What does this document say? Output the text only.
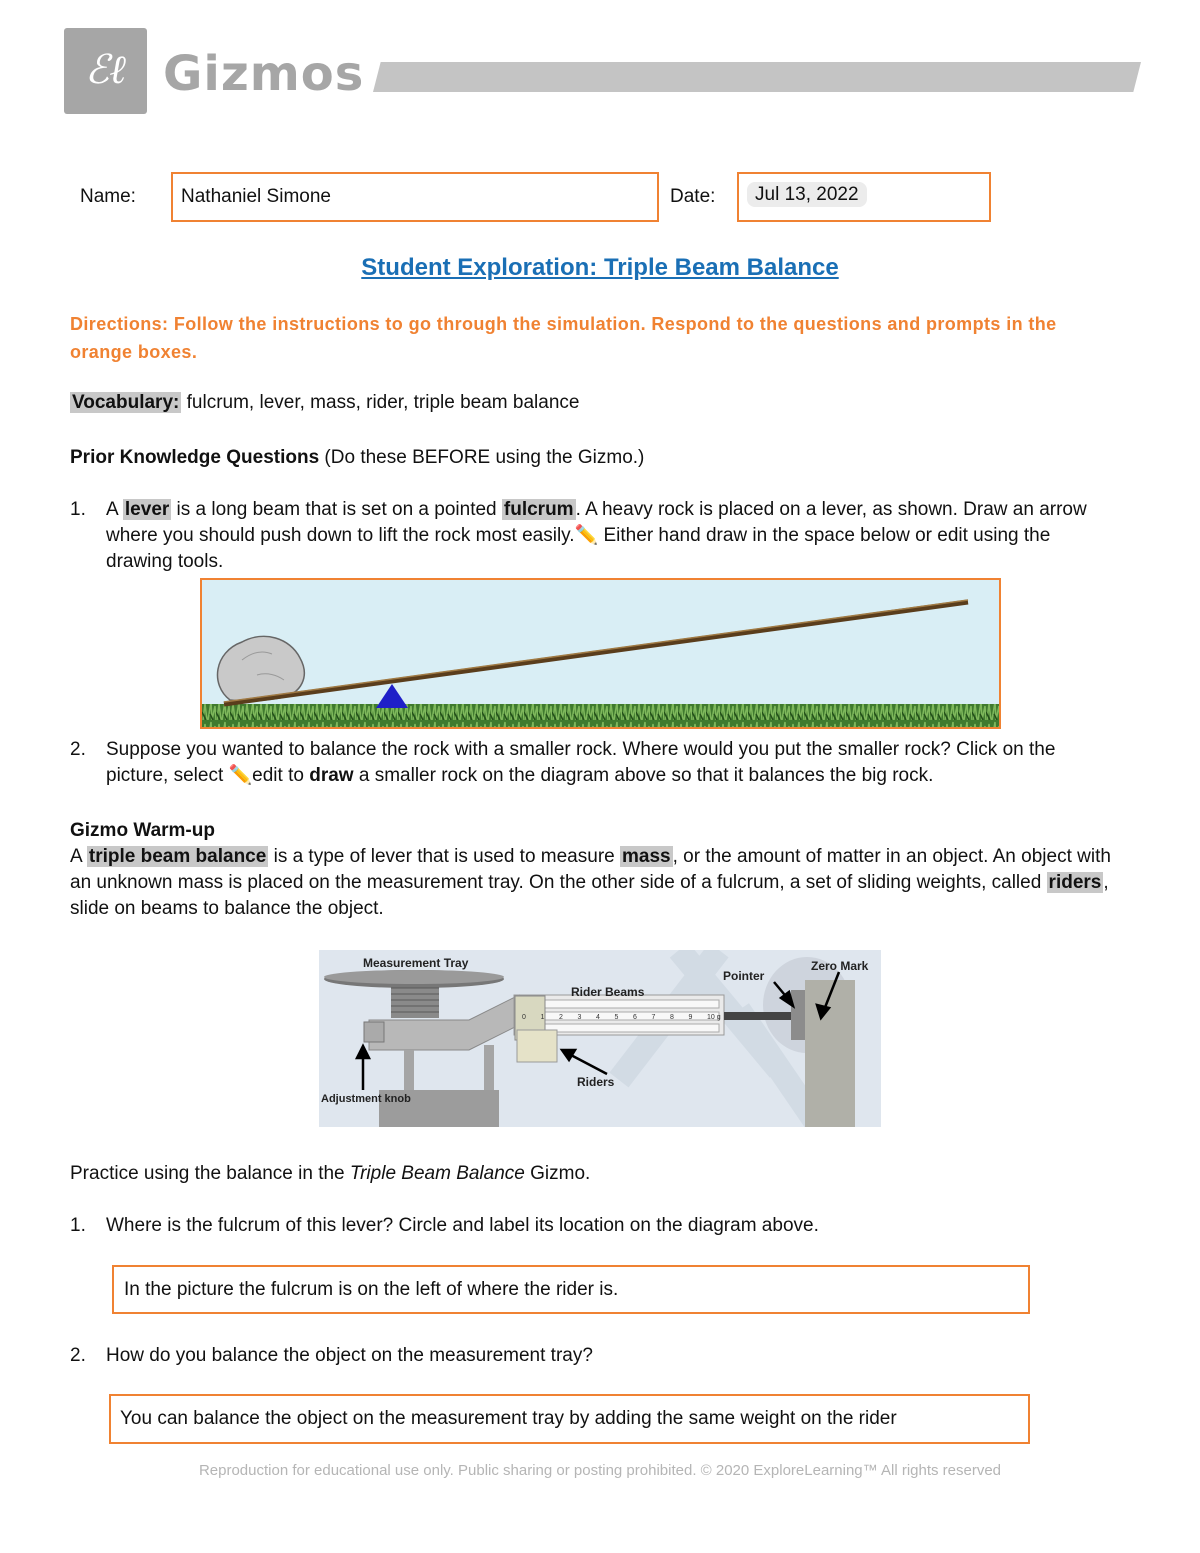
ℰℓ Gizmos
Name:	Nathaniel Simone	Date:	Jul 13, 2022
Student Exploration: Triple Beam Balance
Directions: Follow the instructions to go through the simulation. Respond to the questions and prompts in the orange boxes.
Vocabulary: fulcrum, lever, mass, rider, triple beam balance
Prior Knowledge Questions (Do these BEFORE using the Gizmo.)
1. A lever is a long beam that is set on a pointed fulcrum . A heavy rock is placed on a lever, as shown. Draw an arrow where you should push down to lift the rock most easily.✏️ Either hand draw in the space below or edit using the drawing tools.
2. Suppose you wanted to balance the rock with a smaller rock. Where would you put the smaller rock? Click on the picture, select ✏️edit to draw a smaller rock on the diagram above so that it balances the big rock.
Gizmo Warm-up
A triple beam balance is a type of lever that is used to measure mass , or the amount of matter in an object. An object with an unknown mass is placed on the measurement tray. On the other side of a fulcrum, a set of sliding weights, called riders , slide on beams to balance the object.
0 1 2 3 4 5 6 7 8 9 10 g
Measurement Tray
Rider Beams
Pointer
Zero Mark
Riders
Adjustment knob
Practice using the balance in the Triple Beam Balance Gizmo.
1. Where is the fulcrum of this lever? Circle and label its location on the diagram above.
In the picture the fulcrum is on the left of where the rider is.
2. How do you balance the object on the measurement tray?
You can balance the object on the measurement tray by adding the same weight on the rider
Reproduction for educational use only. Public sharing or posting prohibited. © 2020 ExploreLearning™ All rights reserved
